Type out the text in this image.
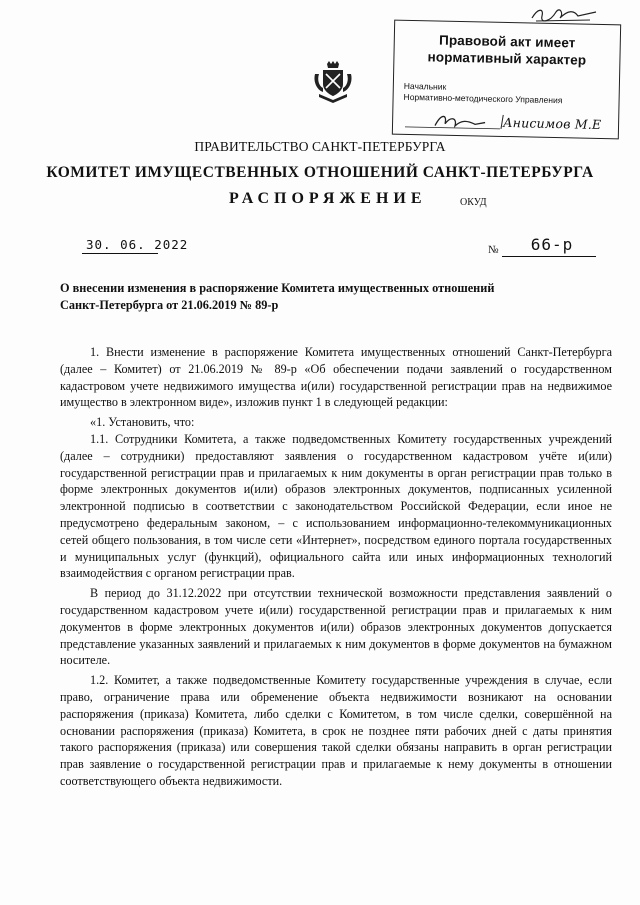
Правовой акт имеет
нормативный характер
Начальник
Нормативно-методического Управления
Анисимов М.Е
ПРАВИТЕЛЬСТВО САНКТ-ПЕТЕРБУРГА
КОМИТЕТ ИМУЩЕСТВЕННЫХ ОТНОШЕНИЙ САНКТ-ПЕТЕРБУРГА
РАСПОРЯЖЕНИЕ	ОКУД
30. 06. 2022	№	66-р
О внесении изменения в распоряжение Комитета имущественных отношений
Санкт-Петербурга от 21.06.2019 № 89-р

1. Внести изменение в распоряжение Комитета имущественных отношений Санкт-Петербурга (далее – Комитет) от 21.06.2019 № 89-р «Об обеспечении подачи заявлений о государственном кадастровом учете недвижимого имущества и(или) государственной регистрации прав на недвижимое имущество в электронном виде», изложив пункт 1 в следующей редакции:

«1. Установить, что:

1.1. Сотрудники Комитета, а также подведомственных Комитету государственных учреждений (далее – сотрудники) предоставляют заявления о государственном кадастровом учёте и(или) государственной регистрации прав и прилагаемых к ним документы в орган регистрации прав только в форме электронных документов и(или) образов электронных документов, подписанных усиленной электронной подписью в соответствии с законодательством Российской Федерации, если иное не предусмотрено федеральным законом, – с использованием информационно-телекоммуникационных сетей общего пользования, в том числе сети «Интернет», посредством единого портала государственных и муниципальных услуг (функций), официального сайта или иных информационных технологий взаимодействия с органом регистрации прав.

В период до 31.12.2022 при отсутствии технической возможности представления заявлений о государственном кадастровом учете и(или) государственной регистрации прав и прилагаемых к ним документов в форме электронных документов и(или) образов электронных документов допускается представление указанных заявлений и прилагаемых к ним документов в форме документов на бумажном носителе.

1.2. Комитет, а также подведомственные Комитету государственные учреждения в случае, если право, ограничение права или обременение объекта недвижимости возникают на основании распоряжения (приказа) Комитета, либо сделки с Комитетом, в том числе сделки, совершённой на основании распоряжения (приказа) Комитета, в срок не позднее пяти рабочих дней с даты принятия такого распоряжения (приказа) или совершения такой сделки обязаны направить в орган регистрации прав заявление о государственной регистрации прав и прилагаемые к нему документы в отношении соответствующего объекта недвижимости.
